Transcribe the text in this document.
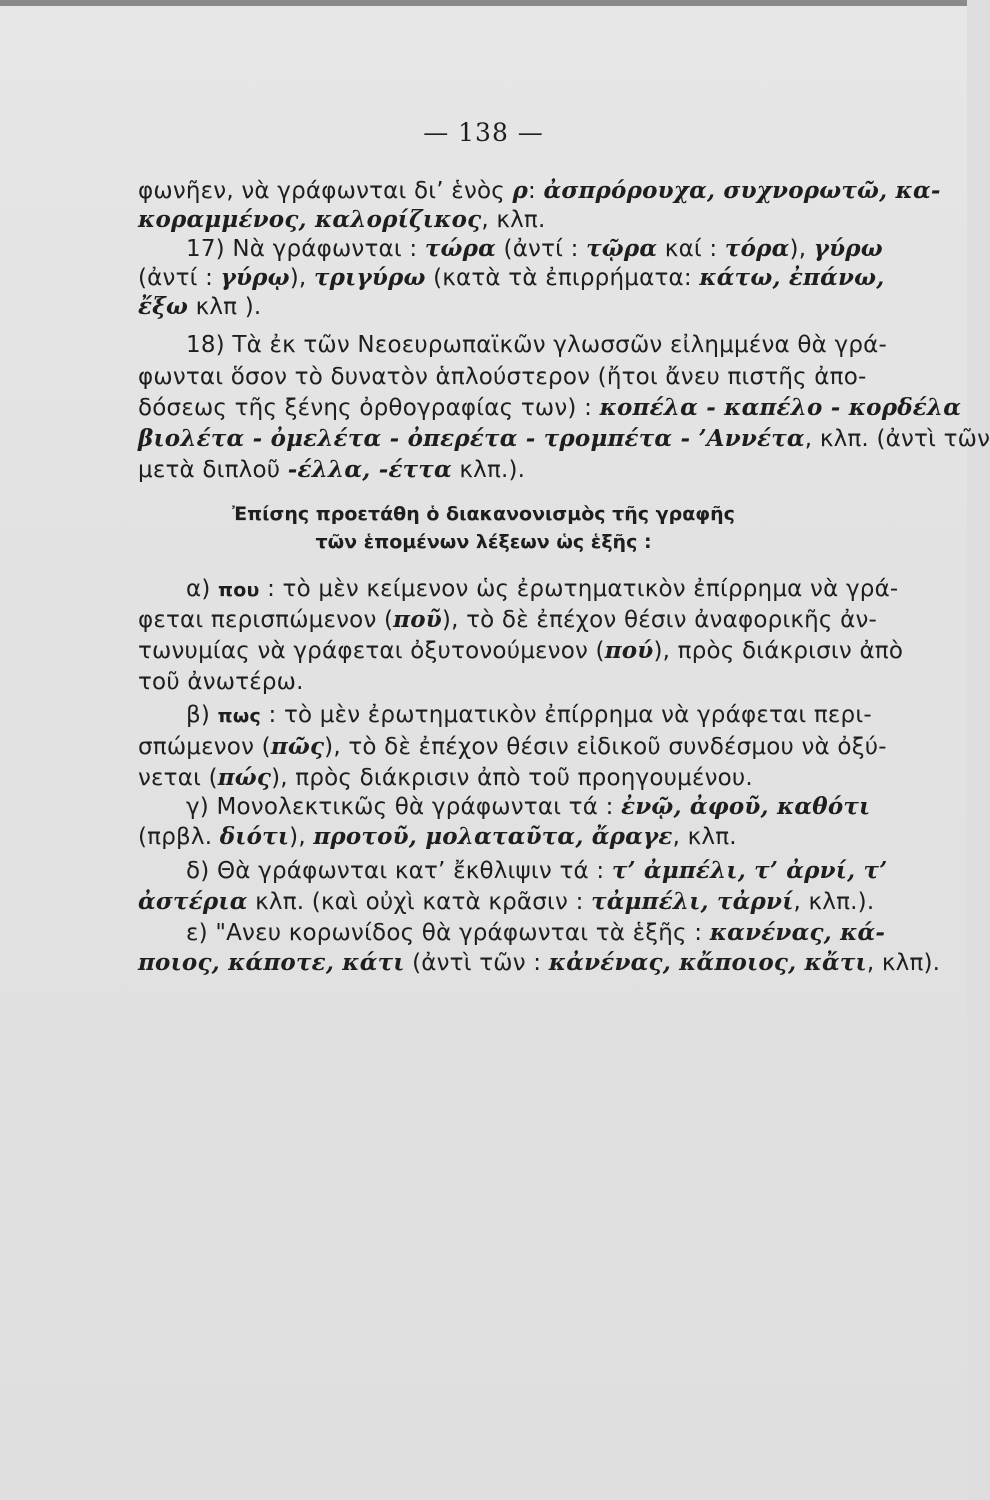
— 138 —
φωνῆεν, νὰ γράφωνται δι’ ἑνὸς ρ: ἀσπρόρουχα, συχνορωτῶ, κα-
κοραμμένος, καλορίζικος, κλπ.
17) Νὰ γράφωνται : τώρα (ἀντί : τῷρα καί : τόρα), γύρω
(ἀντί : γύρῳ), τριγύρω (κατὰ τὰ ἐπιρρήματα: κάτω, ἐπάνω,
ἔξω κλπ ).
18) Τὰ ἐκ τῶν Νεοευρωπαϊκῶν γλωσσῶν εἰλημμένα θὰ γρά-
φωνται ὅσον τὸ δυνατὸν ἁπλούστερον (ἤτοι ἄνευ πιστῆς ἀπο-
δόσεως τῆς ξένης ὀρθογραφίας των) : κοπέλα - καπέλο - κορδέλα
βιολέτα - ὀμελέτα - ὀπερέτα - τρομπέτα - ’Αννέτα, κλπ. (ἀντὶ τῶν
μετὰ διπλοῦ -έλλα, -έττα κλπ.).
α) που : τὸ μὲν κείμενον ὡς ἐρωτηματικὸν ἐπίρρημα νὰ γρά-
φεται περισπώμενον (ποῦ), τὸ δὲ ἐπέχον θέσιν ἀναφορικῆς ἀν-
τωνυμίας νὰ γράφεται ὀξυτονούμενον (πού), πρὸς διάκρισιν ἀπὸ
τοῦ ἀνωτέρω.
β) πως : τὸ μὲν ἐρωτηματικὸν ἐπίρρημα νὰ γράφεται περι-
σπώμενον (πῶς), τὸ δὲ ἐπέχον θέσιν εἰδικοῦ συνδέσμου νὰ ὀξύ-
νεται (πώς), πρὸς διάκρισιν ἀπὸ τοῦ προηγουμένου.
γ) Μονολεκτικῶς θὰ γράφωνται τά : ἐνῷ, ἀφοῦ, καθότι
(πρβλ. διότι), προτοῦ, μολαταῦτα, ἄραγε, κλπ.
δ) Θὰ γράφωνται κατ’ ἔκθλιψιν τά : τ’ ἀμπέλι, τ’ ἀρνί, τ’
ἀστέρια κλπ. (καὶ οὐχὶ κατὰ κρᾶσιν : τἀμπέλι, τἀρνί, κλπ.).
ε) "Ανευ κορωνίδος θὰ γράφωνται τὰ ἑξῆς : κανένας, κά-
ποιος, κάποτε, κάτι (ἀντὶ τῶν : κἀνένας, κἄποιος, κἄτι, κλπ).
Ἐπίσης προετάθη ὁ διακανονισμὸς τῆς γραφῆς
τῶν ἑπομένων λέξεων ὡς ἑξῆς :
